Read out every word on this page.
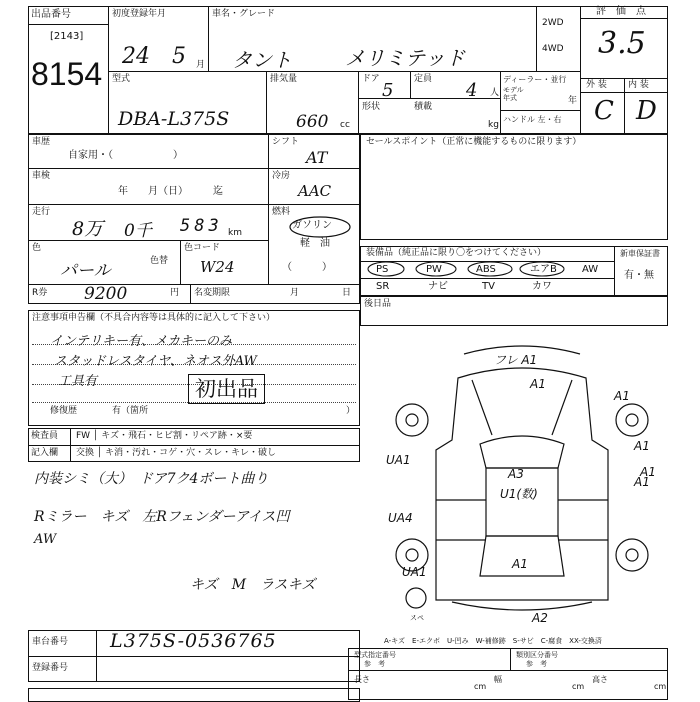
出品番号
[2143]
8154
初度登録年月
24 5 月
車名・グレード
タント	メリミテッド
2WD
4WD
評　価　点
3.5
外 装 内 装
C D
型式
DBA-L375S
排気量
660 cc
ドア
5
定員
4 人
ディーラー・並行
モデル年式	年
形状	積載
kg
ハンドル 左・右
車歴
自家用・（　　　　　　）
シフト
AT
車検
年　　月（日）　　　迄
冷房
AAC
走行
8万 0千 583 km
燃料
ガソリン
軽　油
（　　　）
色
パール	色替
色コード
W24
R券 9200	円 名変期限	月	日
セールスポイント（正常に機能するものに限ります）
装備品（純正品に限り〇をつけてください）	新車保証書
有・無
PS	PW	ABS	エアB	AW
SR	ナビ	TV	カワ
後日品
注意事項申告欄（不具合内容等は具体的に記入して下さい）
インテリキー有、メカキーのみ
スタッドレスタイヤ、ネオス外AW
工具有	初出品
修復歴	有（箇所	）
検査員
記入欄
FW │ キズ・飛石・ヒビ割・リペア跡・×要
交換 │ キ消・汚れ・コゲ・穴・スレ・キレ・破し
内装シミ（大）　ドア7ク4ボート曲り
Rミラー　キズ　左Rフェンダーアイス凹
AW
キズ　M　ラスキズ
フレ A1
A1
A1
A1
UA1
A1
A3
U1(数)
UA4
A1
UA1
A2
A1
スペ
A-キズ　E-エクボ　U-凹み　W-補修跡　S-サビ　C-腐食　XX-交換済
車台番号 L375S-0536765
登録番号
型式指定番号
参　考
類別区分番号
参　考
長さ
cm
幅
cm
高さ
cm
